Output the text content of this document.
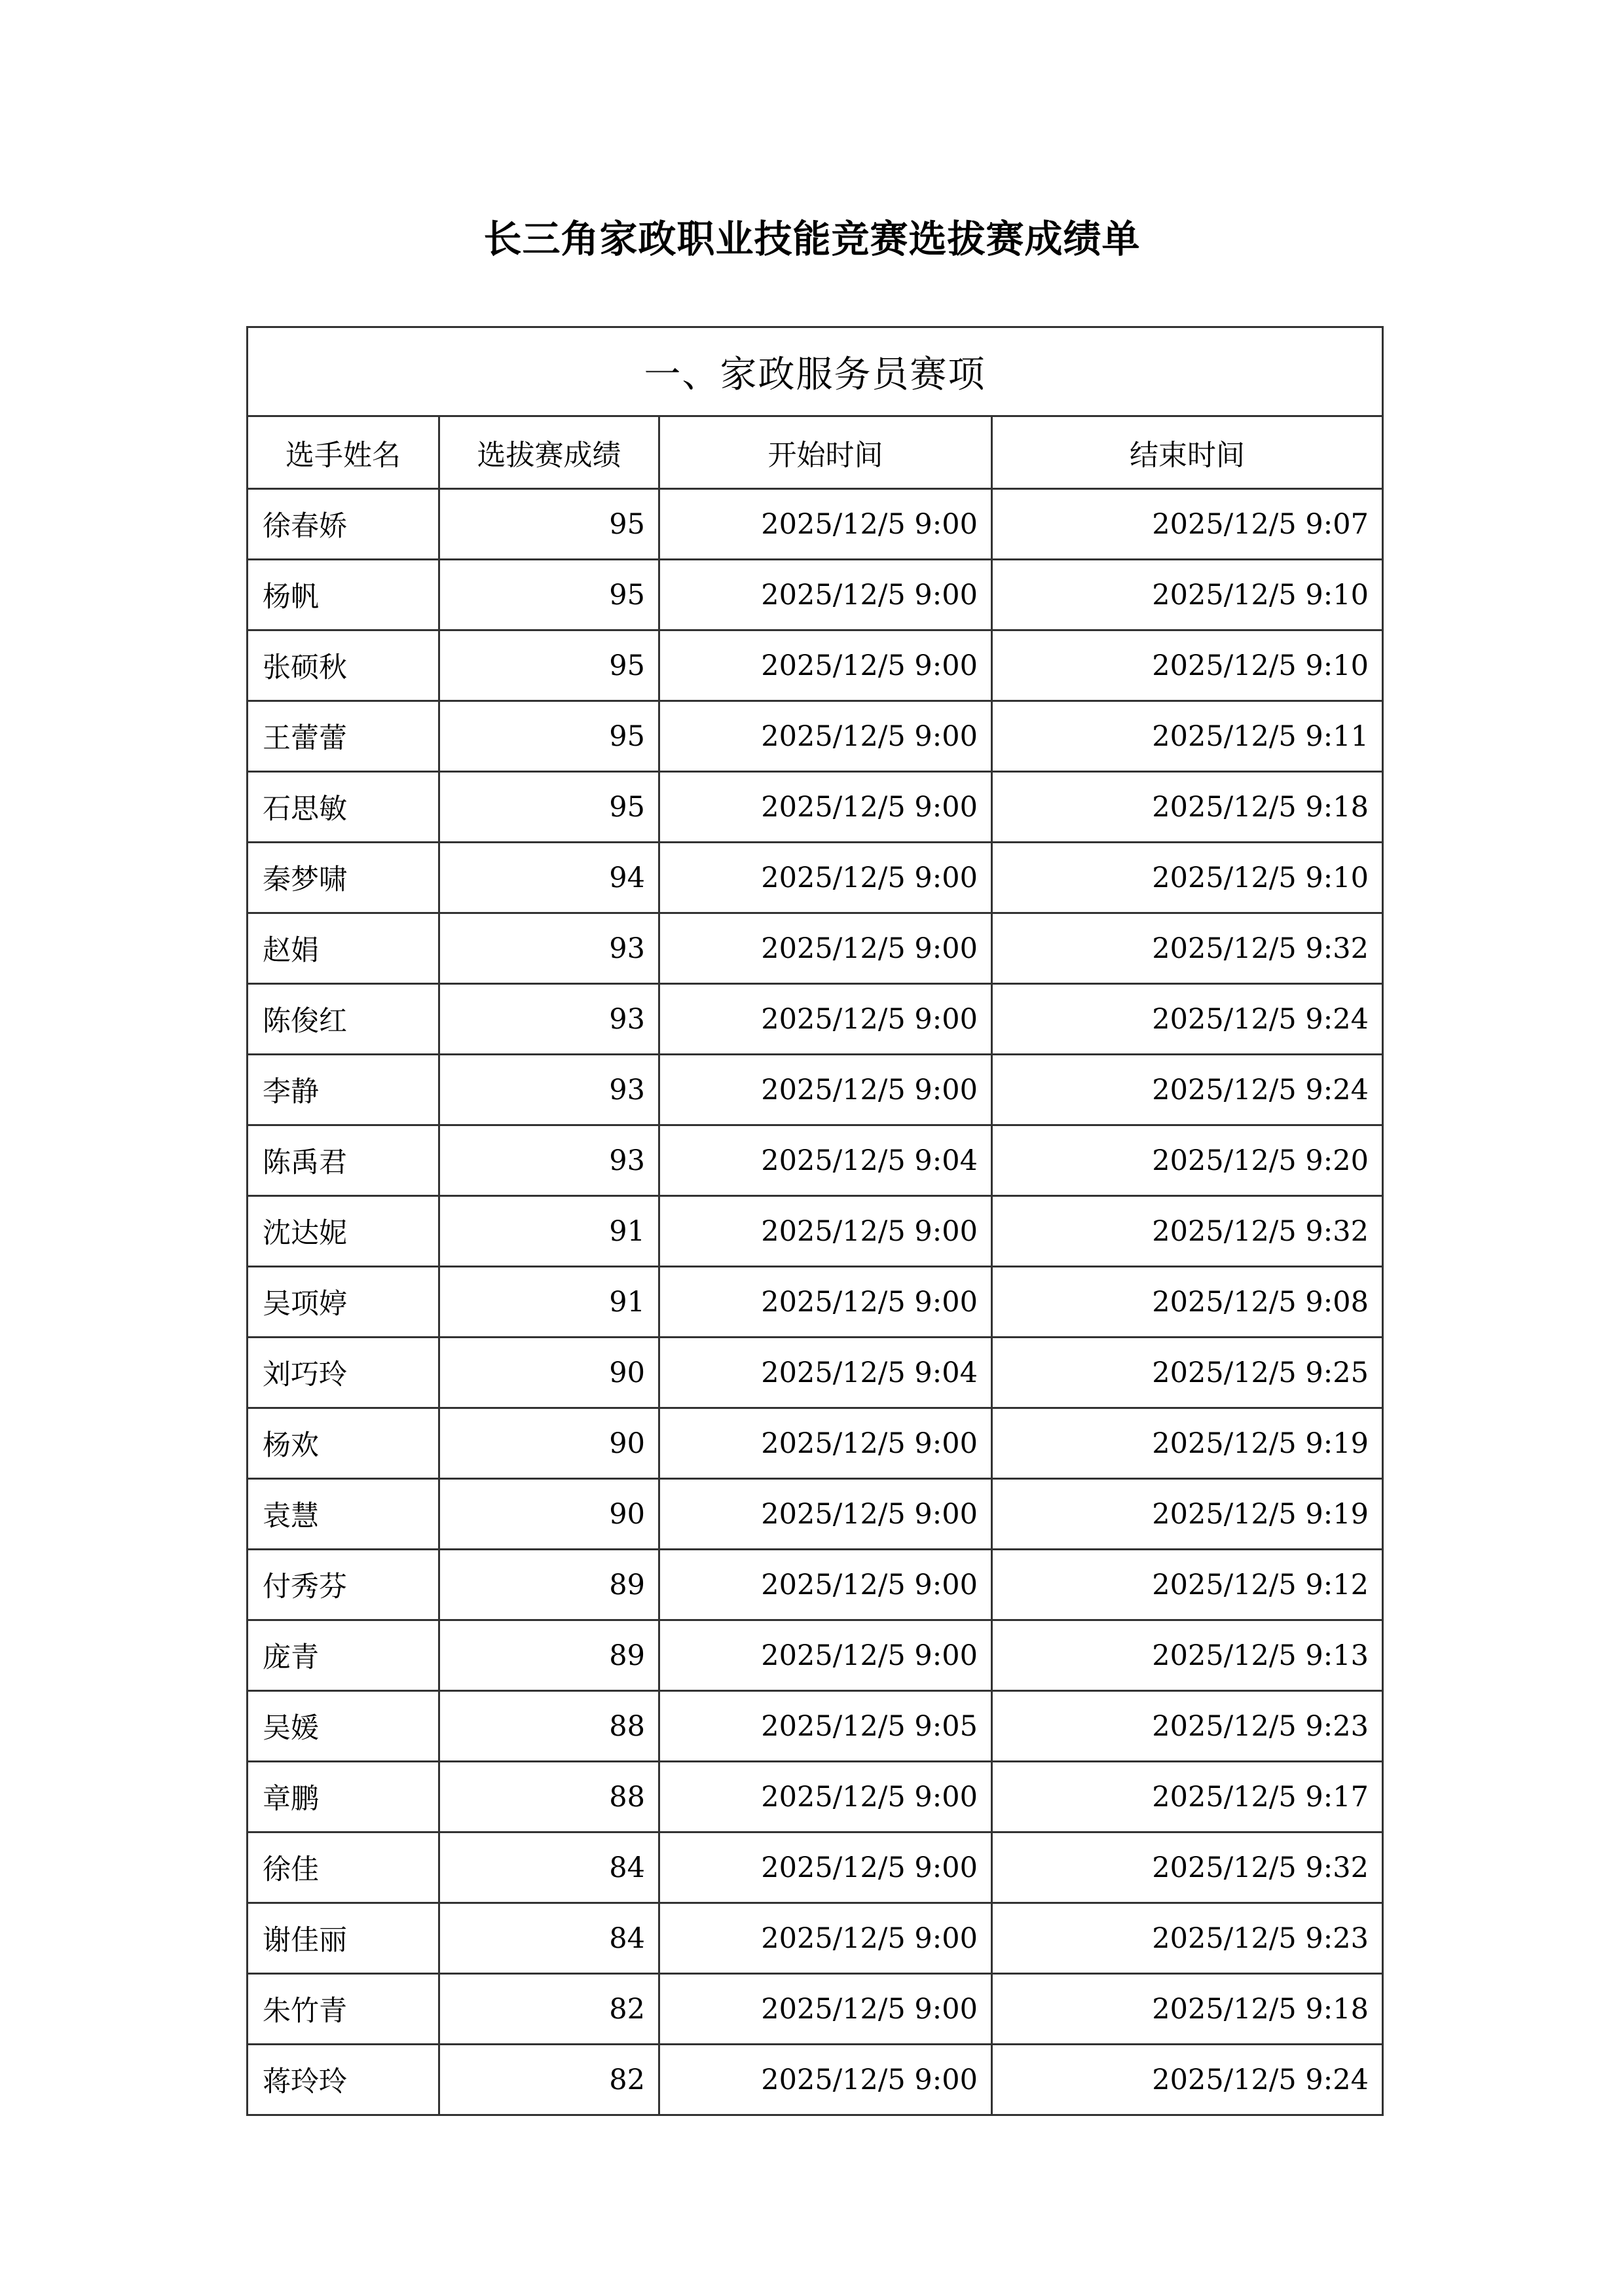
长三角家政职业技能竞赛选拔赛成绩单
一、家政服务员赛项			
选手姓名	选拔赛成绩	开始时间	结束时间
徐春娇	95	2025/12/5 9:00	2025/12/5 9:07
杨帆	95	2025/12/5 9:00	2025/12/5 9:10
张硕秋	95	2025/12/5 9:00	2025/12/5 9:10
王蕾蕾	95	2025/12/5 9:00	2025/12/5 9:11
石思敏	95	2025/12/5 9:00	2025/12/5 9:18
秦梦啸	94	2025/12/5 9:00	2025/12/5 9:10
赵娟	93	2025/12/5 9:00	2025/12/5 9:32
陈俊红	93	2025/12/5 9:00	2025/12/5 9:24
李静	93	2025/12/5 9:00	2025/12/5 9:24
陈禹君	93	2025/12/5 9:04	2025/12/5 9:20
沈达妮	91	2025/12/5 9:00	2025/12/5 9:32
吴项婷	91	2025/12/5 9:00	2025/12/5 9:08
刘巧玲	90	2025/12/5 9:04	2025/12/5 9:25
杨欢	90	2025/12/5 9:00	2025/12/5 9:19
袁慧	90	2025/12/5 9:00	2025/12/5 9:19
付秀芬	89	2025/12/5 9:00	2025/12/5 9:12
庞青	89	2025/12/5 9:00	2025/12/5 9:13
吴媛	88	2025/12/5 9:05	2025/12/5 9:23
章鹏	88	2025/12/5 9:00	2025/12/5 9:17
徐佳	84	2025/12/5 9:00	2025/12/5 9:32
谢佳丽	84	2025/12/5 9:00	2025/12/5 9:23
朱竹青	82	2025/12/5 9:00	2025/12/5 9:18
蒋玲玲	82	2025/12/5 9:00	2025/12/5 9:24
